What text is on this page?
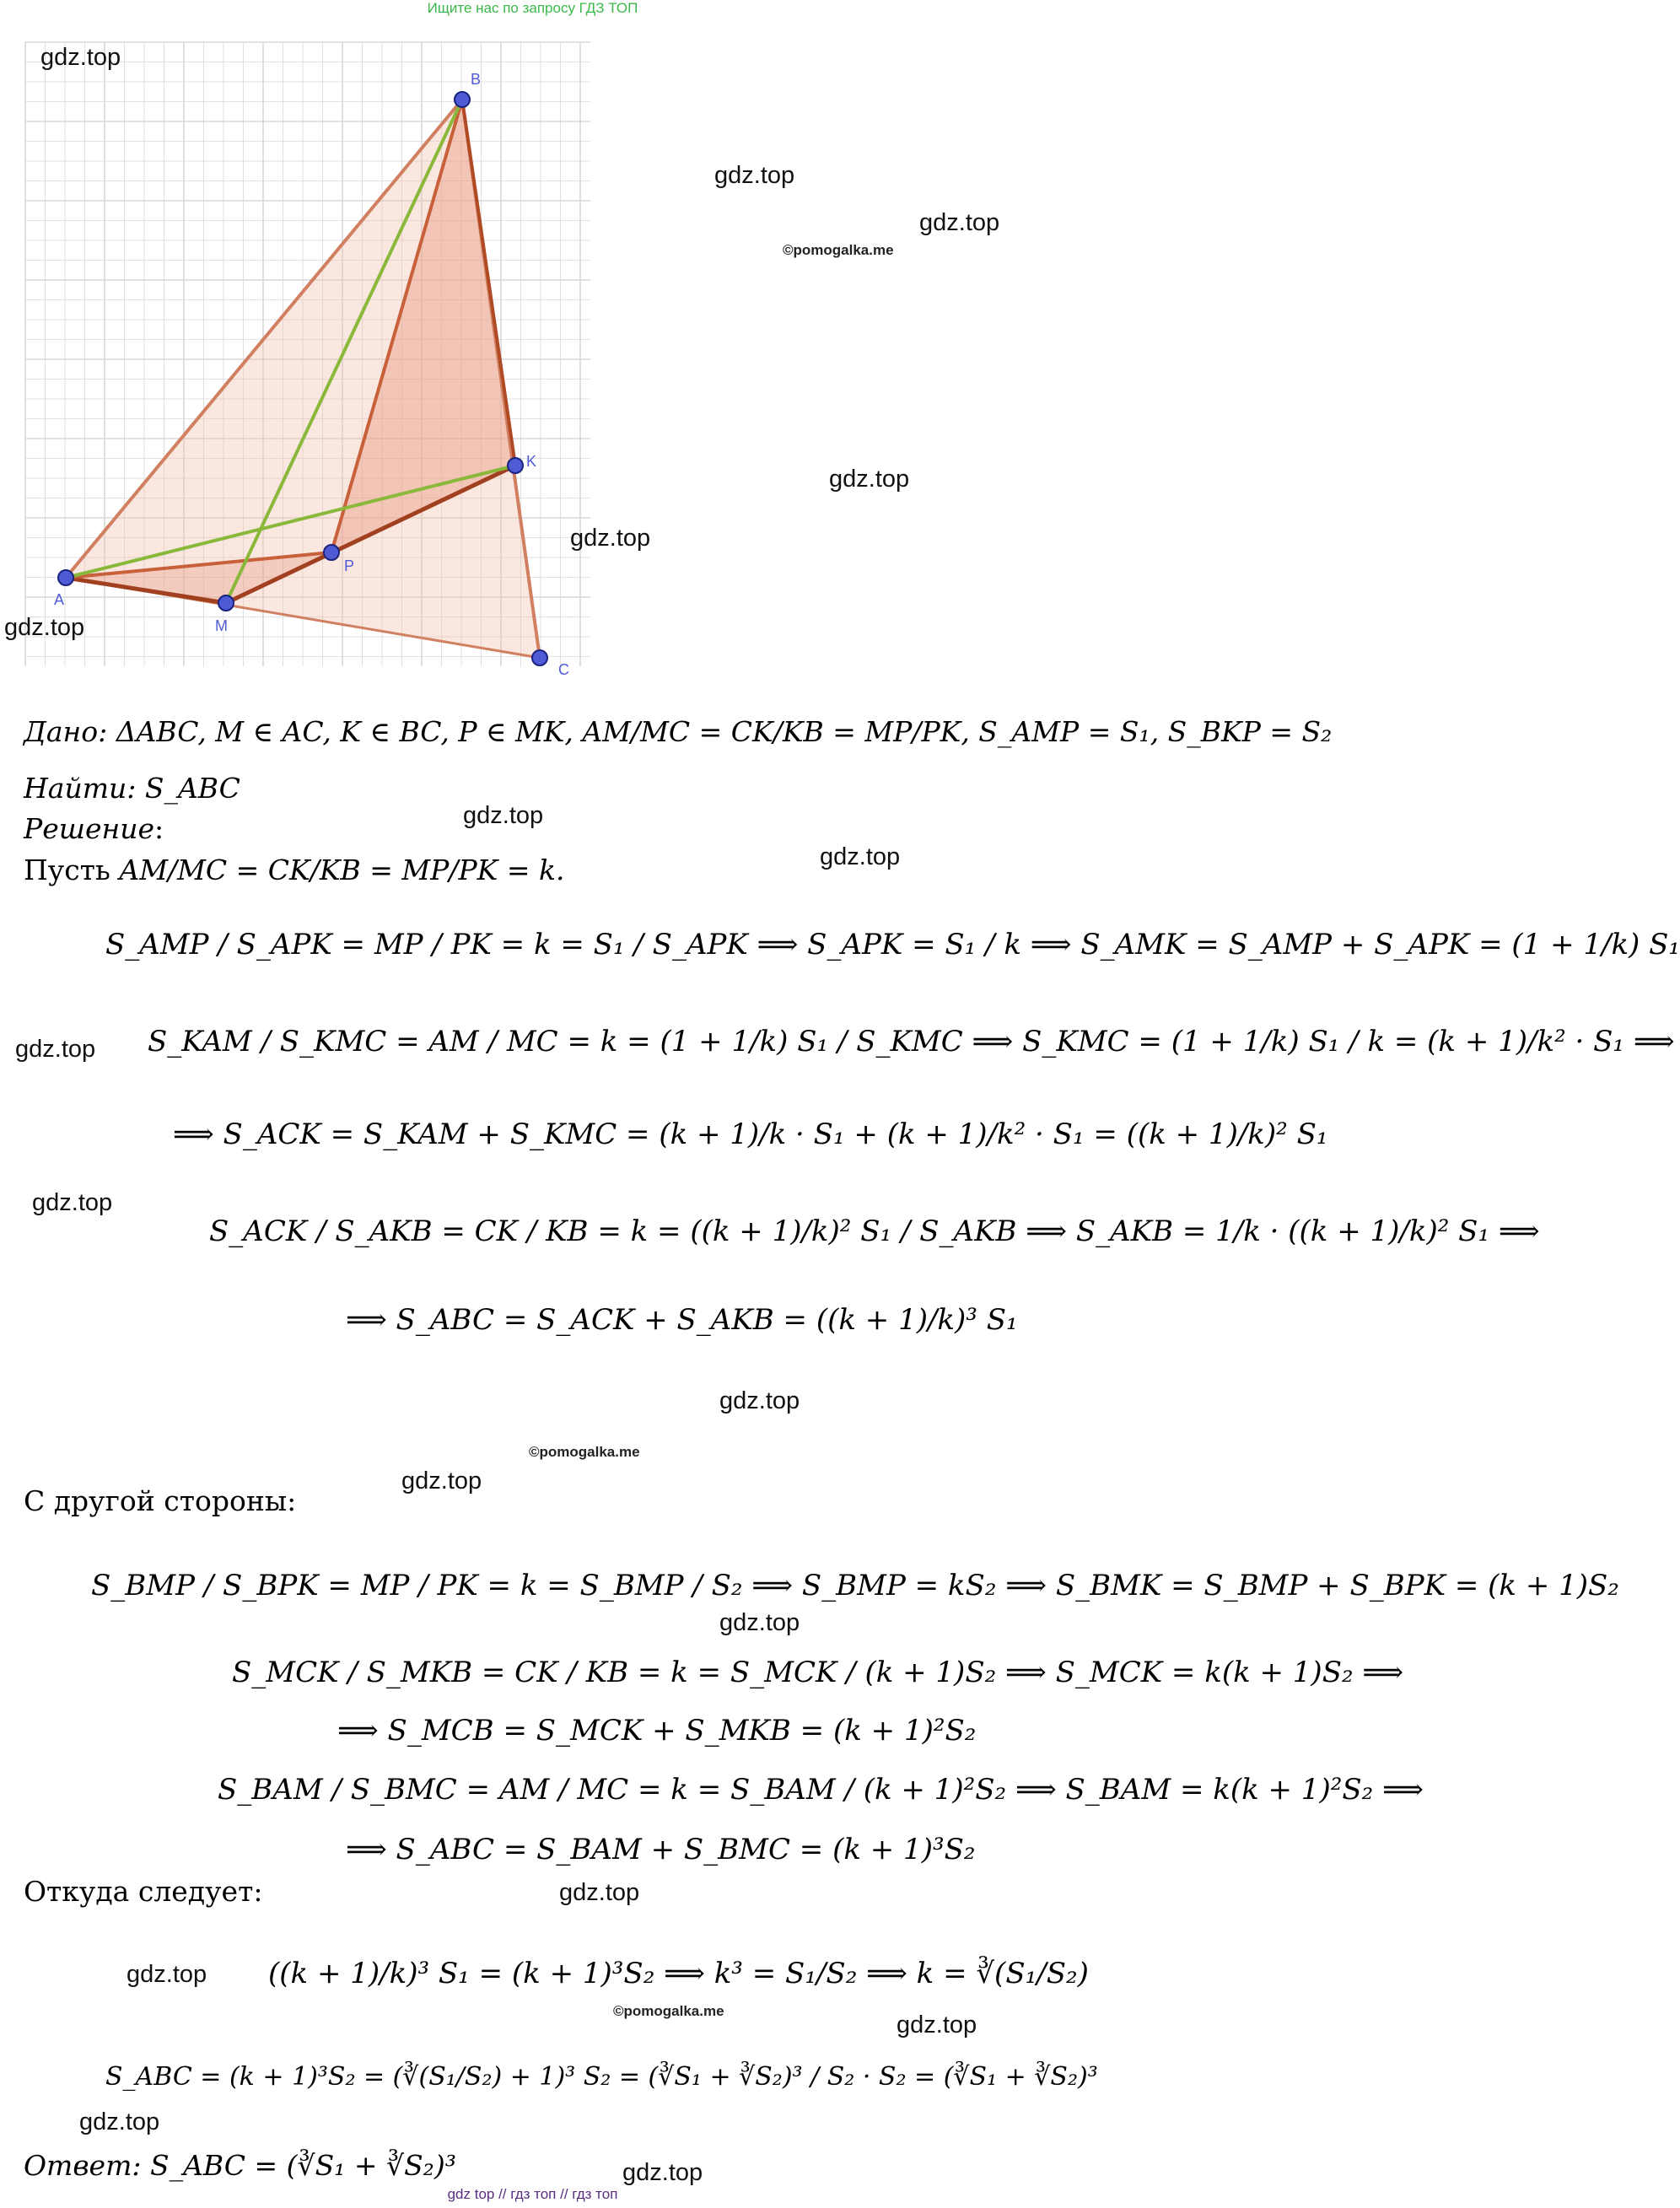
Ищите нас по запросу ГДЗ ТОП
A
B
C
K
M
P
gdz.top
gdz.top
gdz.top
gdz.top
gdz.top
gdz.top
gdz.top
gdz.top
gdz.top
gdz.top
gdz.top
gdz.top
gdz.top
gdz.top
gdz.top
gdz.top
gdz.top
gdz.top
©pomogalka.me
©pomogalka.me
©pomogalka.me
Дано: ΔABC, M ∈ AC, K ∈ BC, P ∈ MK, AM/MC = CK/KB = MP/PK, S_AMP = S₁, S_BKP = S₂
Найти: S_ABC
Решение:
Пусть AM/MC = CK/KB = MP/PK = k.
S_AMP / S_APK = MP / PK = k = S₁ / S_APK ⟹ S_APK = S₁ / k ⟹ S_AMK = S_AMP + S_APK = (1 + 1/k) S₁
S_KAM / S_KMC = AM / MC = k = (1 + 1/k) S₁ / S_KMC ⟹ S_KMC = (1 + 1/k) S₁ / k = (k + 1)/k² · S₁ ⟹
⟹ S_ACK = S_KAM + S_KMC = (k + 1)/k · S₁ + (k + 1)/k² · S₁ = ((k + 1)/k)² S₁
S_ACK / S_AKB = CK / KB = k = ((k + 1)/k)² S₁ / S_AKB ⟹ S_AKB = 1/k · ((k + 1)/k)² S₁ ⟹
⟹ S_ABC = S_ACK + S_AKB = ((k + 1)/k)³ S₁
С другой стороны:
S_BMP / S_BPK = MP / PK = k = S_BMP / S₂ ⟹ S_BMP = kS₂ ⟹ S_BMK = S_BMP + S_BPK = (k + 1)S₂
S_MCK / S_MKB = CK / KB = k = S_MCK / (k + 1)S₂ ⟹ S_MCK = k(k + 1)S₂ ⟹
⟹ S_MCB = S_MCK + S_MKB = (k + 1)²S₂
S_BAM / S_BMC = AM / MC = k = S_BAM / (k + 1)²S₂ ⟹ S_BAM = k(k + 1)²S₂ ⟹
⟹ S_ABC = S_BAM + S_BMC = (k + 1)³S₂
Откуда следует:
((k + 1)/k)³ S₁ = (k + 1)³S₂ ⟹ k³ = S₁/S₂ ⟹ k = ∛(S₁/S₂)
S_ABC = (k + 1)³S₂ = (∛(S₁/S₂) + 1)³ S₂ = (∛S₁ + ∛S₂)³ / S₂ · S₂ = (∛S₁ + ∛S₂)³
Ответ: S_ABC = (∛S₁ + ∛S₂)³
gdz top // гдз топ // гдз топ
